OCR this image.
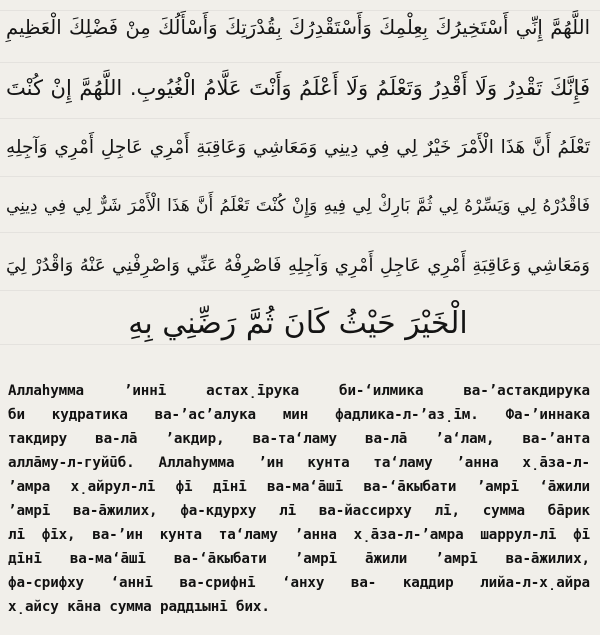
اللَّهُمَّ إِنِّي أَسْتَخِيرُكَ بِعِلْمِكَ وَأَسْتَقْدِرُكَ بِقُدْرَتِكَ وَأَسْأَلُكَ مِنْ فَضْلِكَ الْعَظِيمِ
فَإِنَّكَ تَقْدِرُ وَلَا أَقْدِرُ وَتَعْلَمُ وَلَا أَعْلَمُ وَأَنْتَ عَلَّامُ الْغُيُوبِ. اللَّهُمَّ إِنْ كُنْتَ
تَعْلَمُ أَنَّ هَذَا الْأَمْرَ خَيْرٌ لِي فِي دِينِي وَمَعَاشِي وَعَاقِبَةِ أَمْرِي عَاجِلِ أَمْرِي وَآجِلِهِ
فَاقْدُرْهُ لِي وَيَسِّرْهُ لِي ثُمَّ بَارِكْ لِي فِيهِ وَإِنْ كُنْتَ تَعْلَمُ أَنَّ هَذَا الْأَمْرَ شَرٌّ لِي فِي دِينِي
وَمَعَاشِي وَعَاقِبَةِ أَمْرِي عَاجِلِ أَمْرِي وَآجِلِهِ فَاصْرِفْهُ عَنِّي وَاصْرِفْنِي عَنْهُ وَاقْدُرْ لِيَ
الْخَيْرَ حَيْثُ كَانَ ثُمَّ رَضِّنِي بِهِ
Аллаhумма ’иннī астах̣īрука би-‘илмика ва-’астакдирука
би кудратика ва-’ас’алука мин фадлика-л-’аз̣īм. Фа-’иннака
такдиру ва-лā ’акдир, ва-та‘ламу ва-лā ’а‘лам, ва-’анта
аллāму-л-гуйūб. Аллаhумма ’ин кунта та‘ламу ’анна х̣āза-л-
’амра х̣айрул-лī фī дīнī ва-ма‘āшī ва-‘āкыбати ’амрī ‘āжили
’амрī ва-āжилих, фа-кдурху лī ва-йассирху лī, сумма бāрик
лī фīх, ва-’ин кунта та‘ламу ’анна х̣āза-л-’амра шаррул-лī фī
дīнī ва-ма‘āшī ва-‘āкыбати ’амрī āжили ’амрī ва-āжилих,
фа-срифху ‘аннī ва-срифнī ‘анху ва- каддир лийа-л-х̣айра
х̣айсу кāна сумма раддıынī бих.
